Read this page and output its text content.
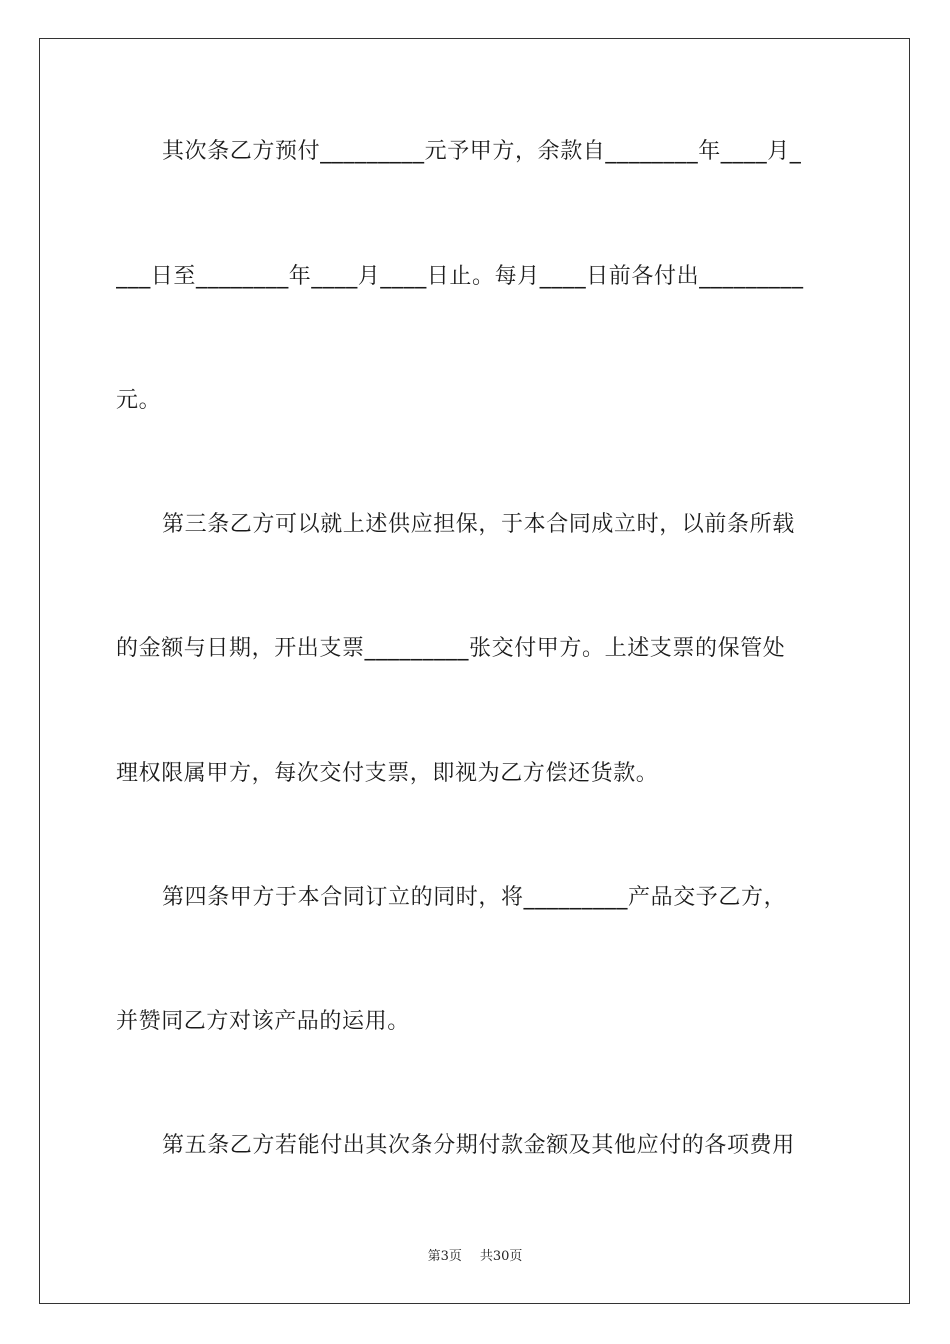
其次条乙方预付_________元予甲方，余款自________年____月_
___日至________年____月____日止。每月____日前各付出_________
元。
第三条乙方可以就上述供应担保，于本合同成立时，以前条所载
的金额与日期，开出支票_________张交付甲方。上述支票的保管处
理权限属甲方，每次交付支票，即视为乙方偿还货款。
第四条甲方于本合同订立的同时，将_________产品交予乙方，
并赞同乙方对该产品的运用。
第五条乙方若能付出其次条分期付款金额及其他应付的各项费用
第3页 共30页
